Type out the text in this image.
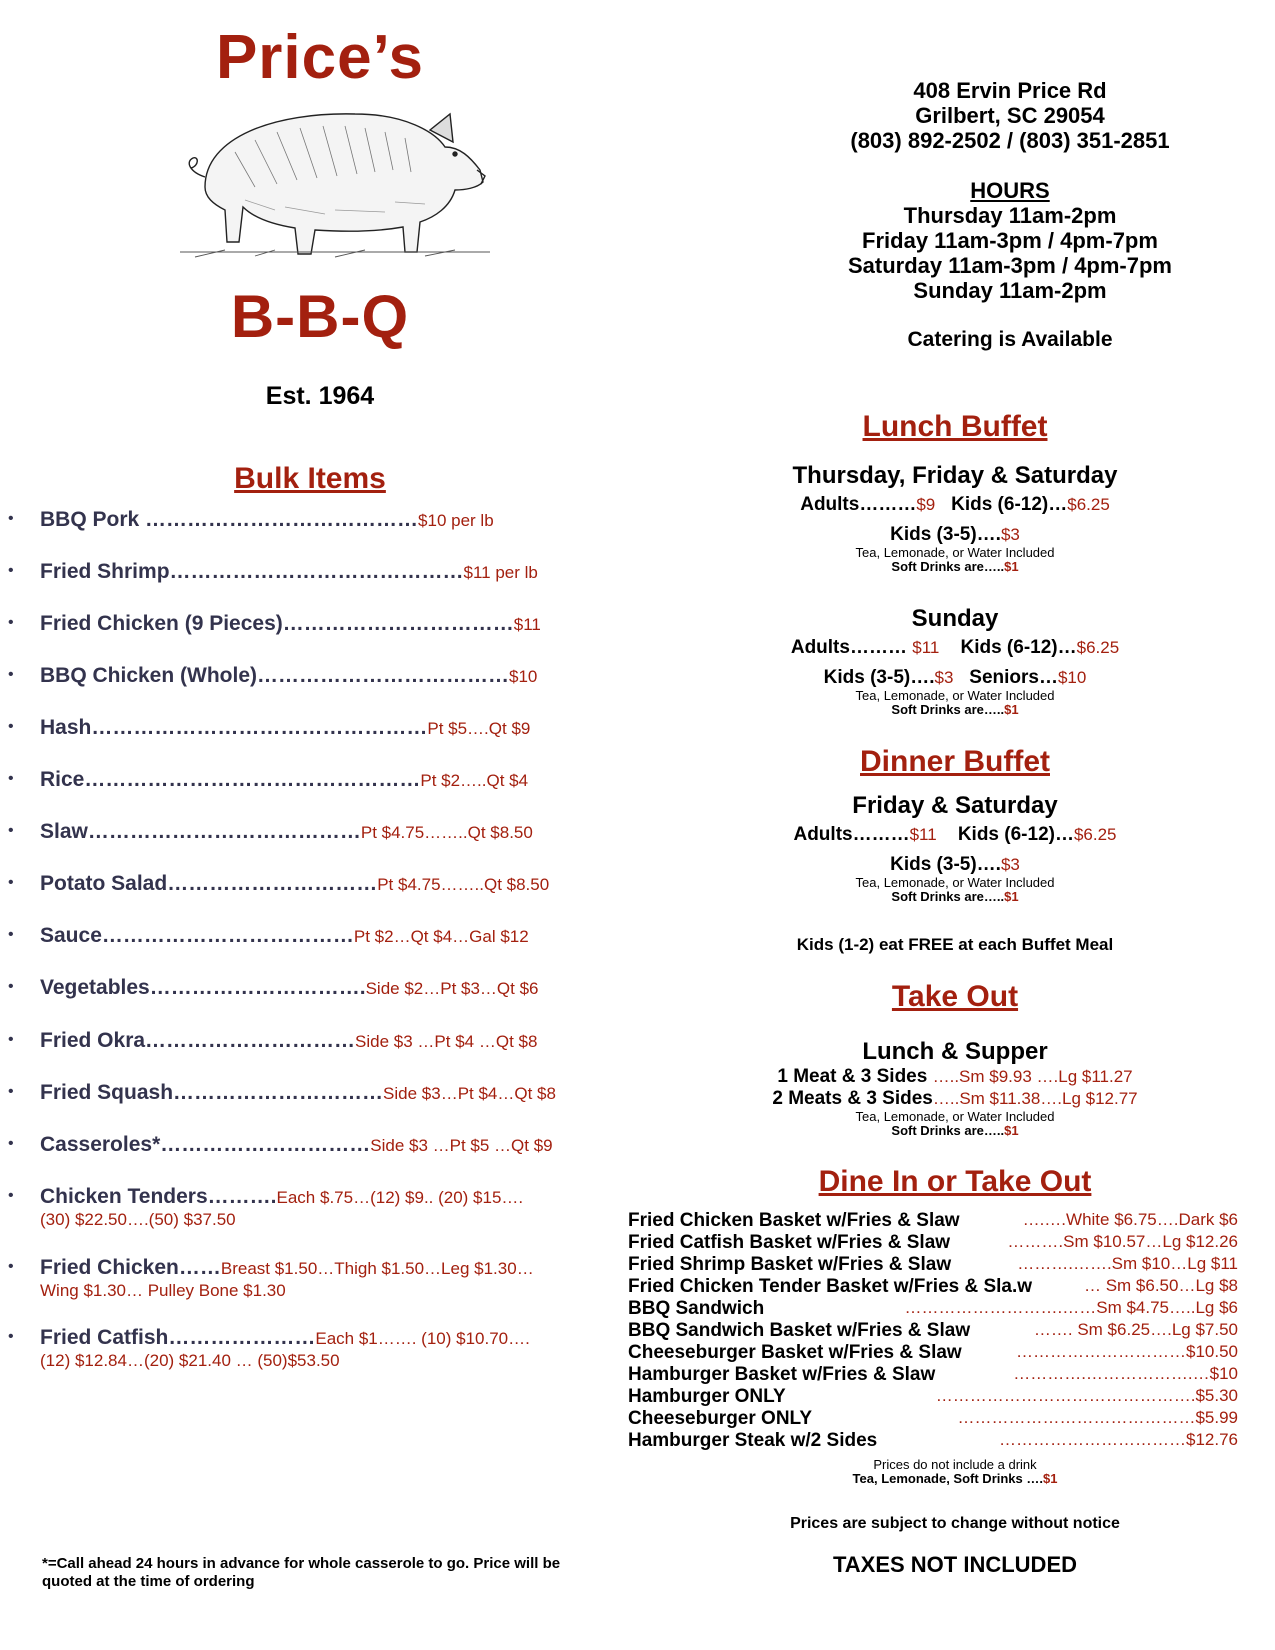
Price’s
B-B-Q
Est. 1964
408 Ervin Price Rd
Grilbert, SC 29054
(803) 892-2502 / (803) 351-2851
HOURS
Thursday 11am-2pm
Friday 11am-3pm / 4pm-7pm
Saturday 11am-3pm / 4pm-7pm
Sunday 11am-2pm
Catering is Available
Bulk Items
• BBQ Pork …………………………………$10 per lb
• Fried Shrimp……………………………………$11 per lb
• Fried Chicken (9 Pieces)……………………………$11
• BBQ Chicken (Whole)………………………………$10
• Hash…………………………………………Pt $5….Qt $9
• Rice…………………………………………Pt $2…..Qt $4
• Slaw…………………………………Pt $4.75……..Qt $8.50
• Potato Salad…………………………Pt $4.75……..Qt $8.50
• Sauce………………………………Pt $2…Qt $4…Gal $12
• Vegetables………………………….Side $2…Pt $3…Qt $6
• Fried Okra…………………………Side $3 …Pt $4 …Qt $8
• Fried Squash…………………………Side $3…Pt $4…Qt $8
• Casseroles*…………………………Side $3 …Pt $5 …Qt $9
• Chicken Tenders……….Each $.75…(12) $9.. (20) $15….
(30) $22.50….(50) $37.50
• Fried Chicken……Breast $1.50…Thigh $1.50…Leg $1.30…
Wing $1.30… Pulley Bone $1.30
• Fried Catfish…………………Each $1……. (10) $10.70….
(12) $12.84…(20) $21.40 … (50)$53.50
Lunch Buffet
Thursday, Friday & Saturday
Adults………$9 Kids (6-12)…$6.25
Kids (3-5)….$3
Tea, Lemonade, or Water Included
Soft Drinks are…..$1
Sunday
Adults……… $11 Kids (6-12)…$6.25
Kids (3-5)….$3 Seniors…$10
Tea, Lemonade, or Water Included
Soft Drinks are…..$1
Dinner Buffet
Friday & Saturday
Adults………$11 Kids (6-12)…$6.25
Kids (3-5)….$3
Tea, Lemonade, or Water Included
Soft Drinks are…..$1
Kids (1-2) eat FREE at each Buffet Meal
Take Out
Lunch & Supper
1 Meat & 3 Sides …..Sm $9.93 ….Lg $11.27
2 Meats & 3 Sides…..Sm $11.38….Lg $12.77
Tea, Lemonade, or Water Included
Soft Drinks are…..$1
Dine In or Take Out
Fried Chicken Basket w/Fries & Slaw	….….White $6.75….Dark $6
Fried Catfish Basket w/Fries & Slaw	……….Sm $10.57…Lg $12.26
Fried Shrimp Basket w/Fries & Slaw	……….…….Sm $10…Lg $11
Fried Chicken Tender Basket w/Fries & Sla.w	… Sm $6.50…Lg $8
BBQ Sandwich	……………………….……Sm $4.75…..Lg $6
BBQ Sandwich Basket w/Fries & Slaw	……. Sm $6.25….Lg $7.50
Cheeseburger Basket w/Fries & Slaw	…………………………$10.50
Hamburger Basket w/Fries & Slaw	………….……………….…$10
Hamburger ONLY	……………………………………….$5.30
Cheeseburger ONLY	……………………………………$5.99
Hamburger Steak w/2 Sides	……………………………$12.76
Prices do not include a drink
Tea, Lemonade, Soft Drinks ….$1
Prices are subject to change without notice
TAXES NOT INCLUDED
*=Call ahead 24 hours in advance for whole casserole to go. Price will be quoted at the time of ordering
